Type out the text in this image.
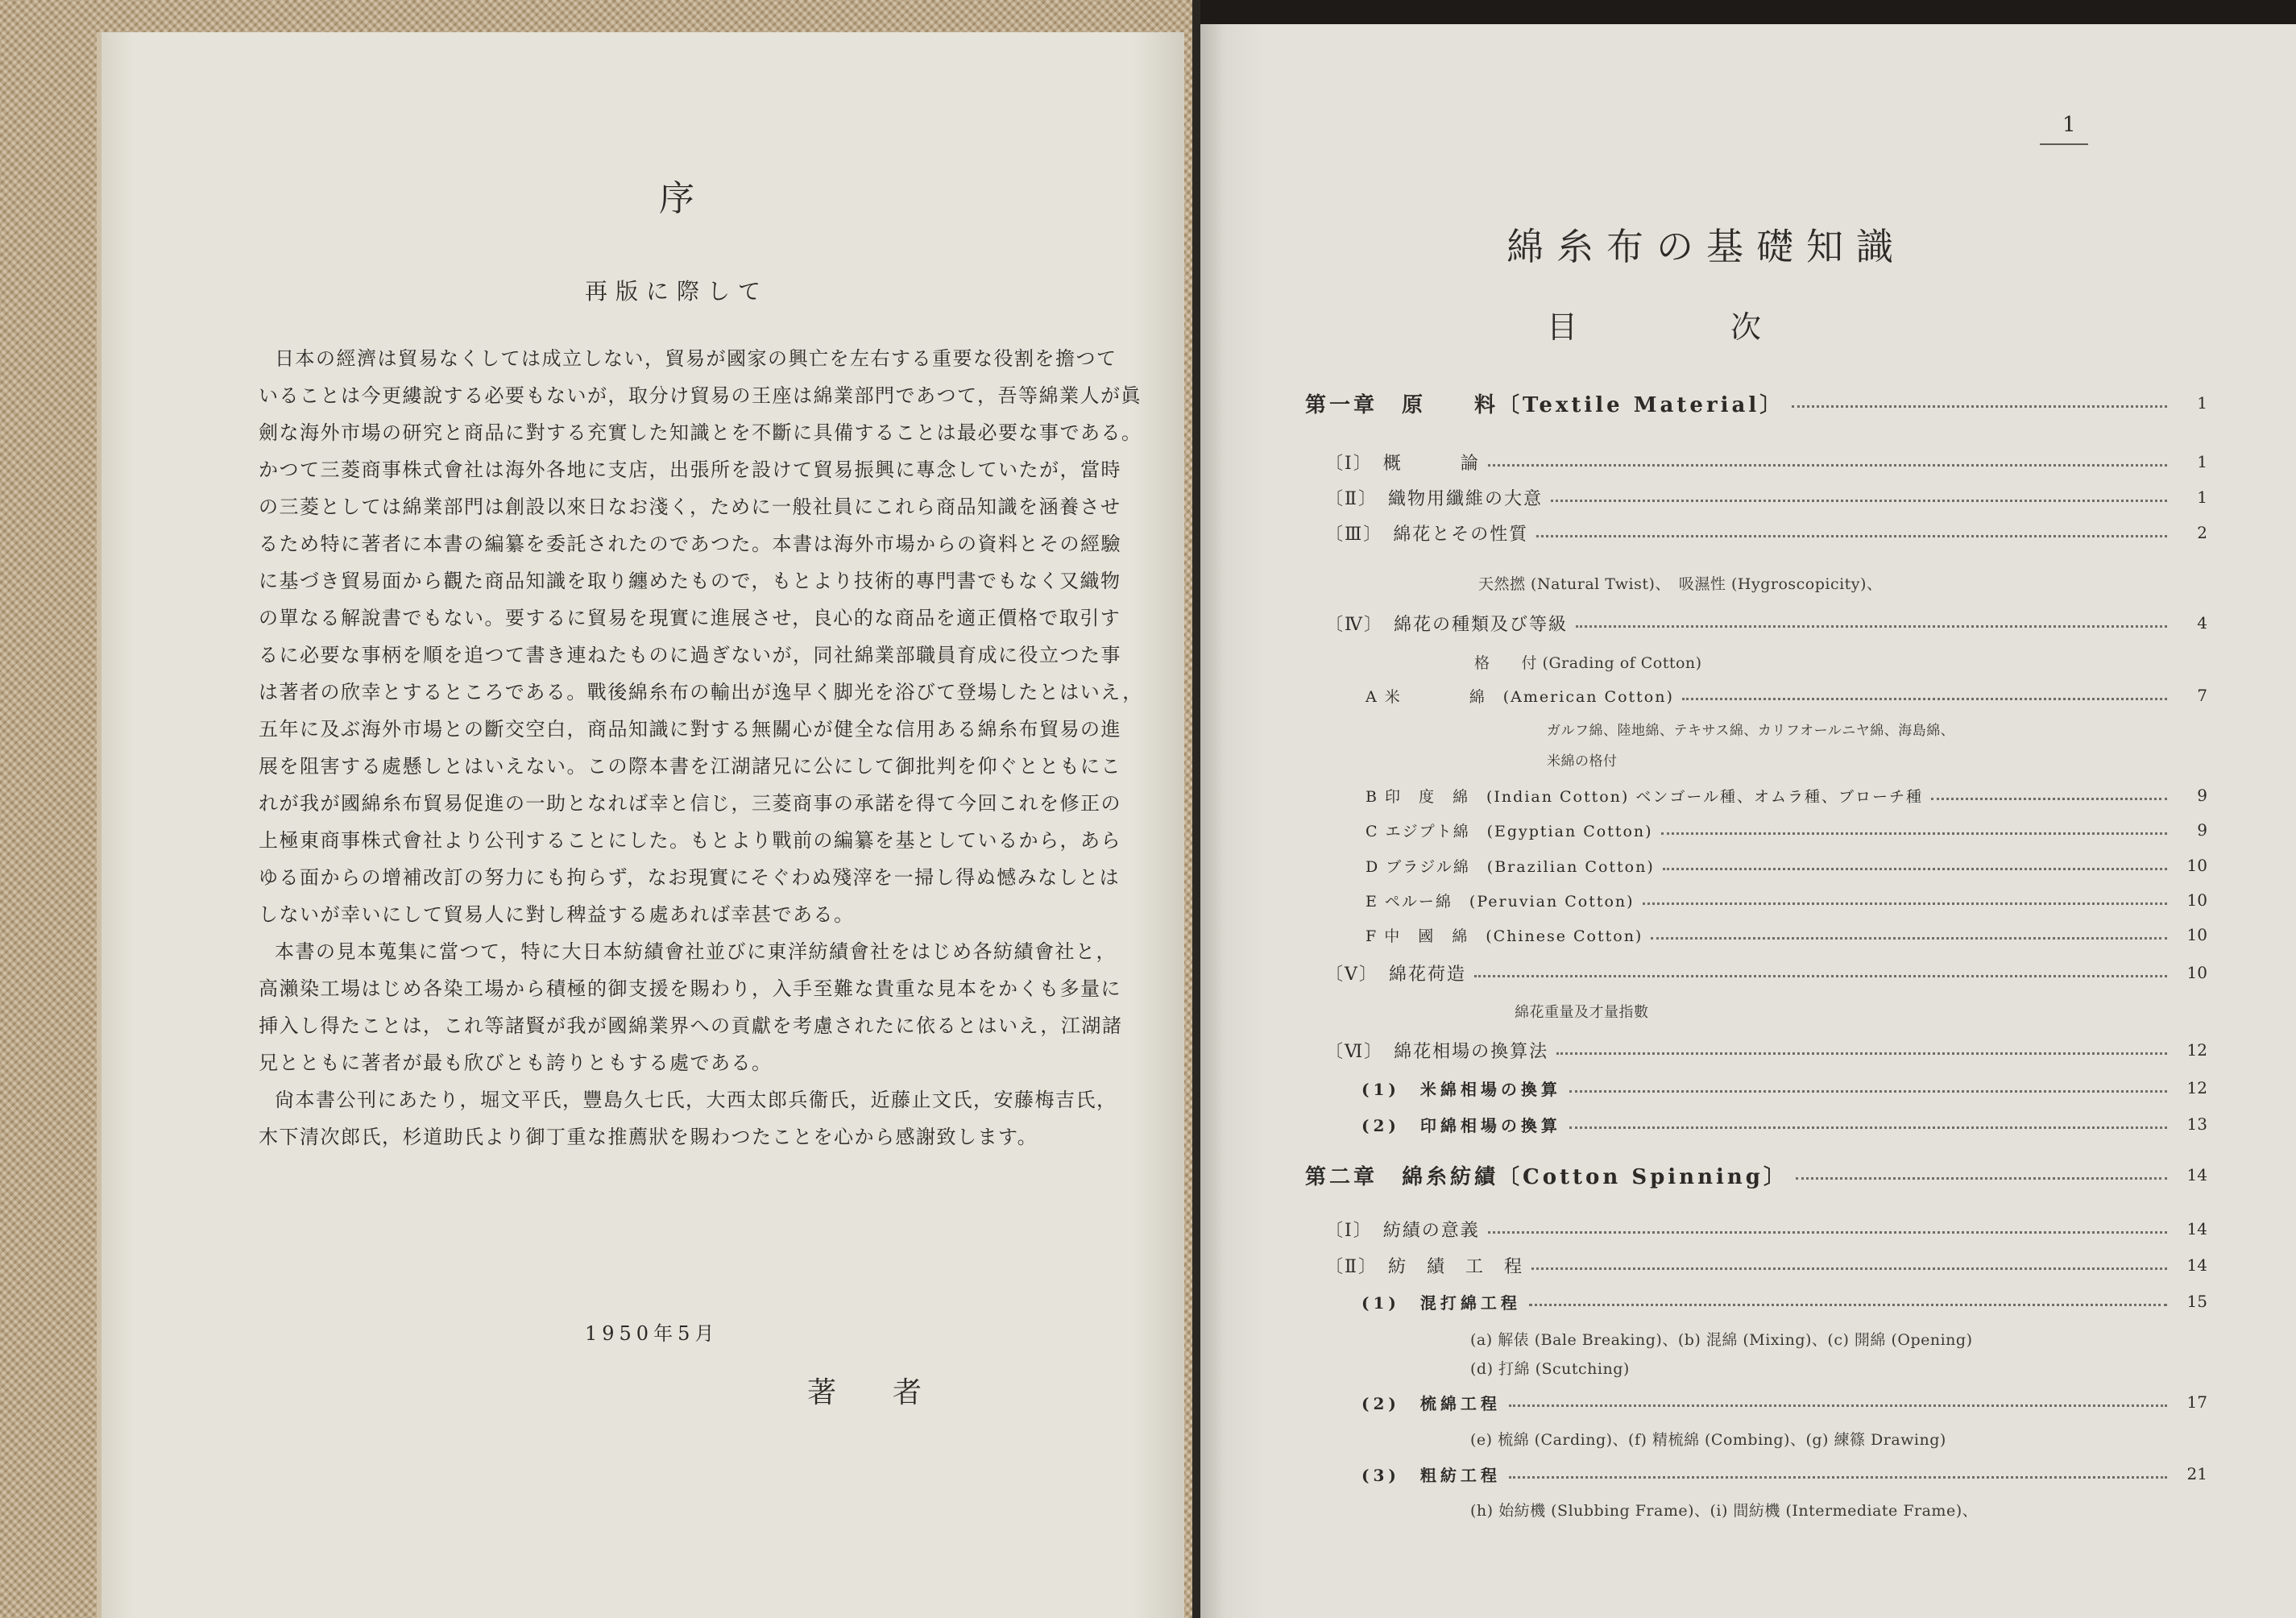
序
再版に際して
日本の經濟は貿易なくしては成立しない，貿易が國家の興亡を左右する重要な役割を擔つて
いることは今更縷說する必要もないが，取分け貿易の王座は綿業部門であつて，吾等綿業人が眞
劍な海外市場の研究と商品に對する充實した知識とを不斷に具備することは最必要な事である。
かつて三菱商事株式會社は海外各地に支店，出張所を設けて貿易振興に專念していたが，當時
の三菱としては綿業部門は創設以來日なお淺く，ために一般社員にこれら商品知識を涵養させ
るため特に著者に本書の編纂を委託されたのであつた。本書は海外市場からの資料とその經驗
に基づき貿易面から觀た商品知識を取り纏めたもので，もとより技術的專門書でもなく又織物
の單なる解說書でもない。要するに貿易を現實に進展させ，良心的な商品を適正價格で取引す
るに必要な事柄を順を追つて書き連ねたものに過ぎないが，同社綿業部職員育成に役立つた事
は著者の欣幸とするところである。戰後綿糸布の輸出が逸早く脚光を浴びて登場したとはいえ，
五年に及ぶ海外市場との斷交空白，商品知識に對する無關心が健全な信用ある綿糸布貿易の進
展を阻害する處懸しとはいえない。この際本書を江湖諸兄に公にして御批判を仰ぐとともにこ
れが我が國綿糸布貿易促進の一助となれば幸と信じ，三菱商事の承諾を得て今回これを修正の
上極東商事株式會社より公刊することにした。もとより戰前の編纂を基としているから，あら
ゆる面からの增補改訂の努力にも拘らず，なお現實にそぐわぬ殘滓を一掃し得ぬ憾みなしとは
しないが幸いにして貿易人に對し稗益する處あれば幸甚である。
本書の見本蒐集に當つて，特に大日本紡績會社並びに東洋紡績會社をはじめ各紡績會社と，
高瀨染工場はじめ各染工場から積極的御支援を賜わり，入手至難な貴重な見本をかくも多量に
挿入し得たことは，これ等諸賢が我が國綿業界への貢獻を考慮されたに依るとはいえ，江湖諸
兄とともに著者が最も欣びとも誇りともする處である。
尙本書公刊にあたり，堀文平氏，豐島久七氏，大西太郎兵衞氏，近藤止文氏，安藤梅吉氏，
木下清次郎氏，杉道助氏より御丁重な推薦狀を賜わつたことを心から感謝致します。
1950年5月
著者
1
綿糸布の基礎知識
目次
第一章　原　　料〔Textile Material〕	1
〔Ⅰ〕　概　　　論	1
〔Ⅱ〕　織物用纖維の大意	1
〔Ⅲ〕　綿花とその性質	2
天然撚 (Natural Twist)、　吸濕性 (Hygroscopicity)、
〔Ⅳ〕　綿花の種類及び等級	4
格　　付 (Grading of Cotton)
A 米　　　　綿　(American Cotton)	7
ガルフ綿、陸地綿、テキサス綿、カリフオールニヤ綿、海島綿、
米綿の格付
B 印　度　綿　(Indian Cotton) ベンゴール種、オムラ種、ブローチ種	9
C エジプト綿　(Egyptian Cotton)	9
D ブラジル綿　(Brazilian Cotton)	10
E ペルー綿　(Peruvian Cotton)	10
F 中　國　綿　(Chinese Cotton)	10
〔Ⅴ〕　綿花荷造	10
綿花重量及才量指數
〔Ⅵ〕　綿花相場の換算法	12
(1)　米綿相場の換算	12
(2)　印綿相場の換算	13
第二章　綿糸紡績〔Cotton Spinning〕	14
〔Ⅰ〕　紡績の意義	14
〔Ⅱ〕　紡　績　工　程	14
(1)　混打綿工程	15
(a) 解俵 (Bale Breaking)、(b) 混綿 (Mixing)、(c) 開綿 (Opening)
(d) 打綿 (Scutching)
(2)　梳綿工程	17
(e) 梳綿 (Carding)、(f) 精梳綿 (Combing)、(g) 練篠 Drawing)
(3)　粗紡工程	21
(h) 始紡機 (Slubbing Frame)、(i) 間紡機 (Intermediate Frame)、
